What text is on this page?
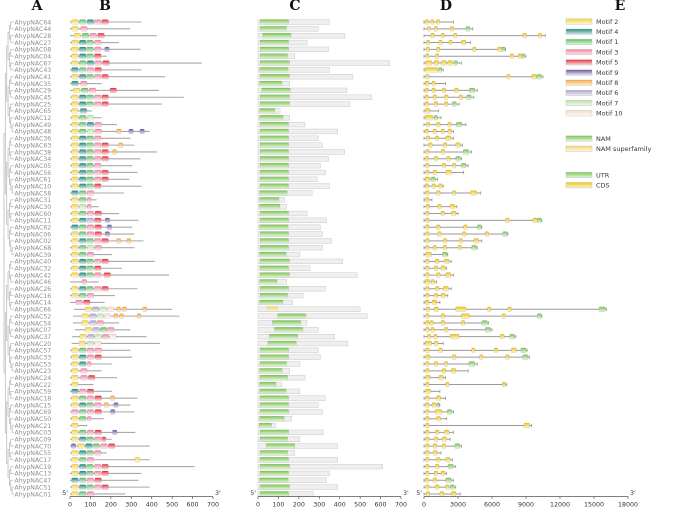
A	B	C	D	E
AhypNAC64
AhypNAC44
AhypNAC28
AhypNAC27
AhypNAC08
AhypNAC04
AhypNAC67
AhypNAC43
AhypNAC41
AhypNAC35
AhypNAC29
AhypNAC45
AhypNAC25
AhypNAC65
AhypNAC12
AhypNAC49
AhypNAC48
AhypNAC36
AhypNAC63
AhypNAC38
AhypNAC34
AhypNAC05
AhypNAC56
AhypNAC61
AhypNAC10
AhypNAC58
AhypNAC31
AhypNAC30
AhypNAC60
AhypNAC11
AhypNAC62
AhypNAC06
AhypNAC02
AhypNAC68
AhypNAC39
AhypNAC40
AhypNAC32
AhypNAC42
AhypNAC46
AhypNAC26
AhypNAC16
AhypNAC14
AhypNAC66
AhypNAC52
AhypNAC54
AhypNAC07
AhypNAC37
AhypNAC20
AhypNAC57
AhypNAC33
AhypNAC53
AhypNAC23
AhypNAC24
AhypNAC22
AhypNAC59
AhypNAC18
AhypNAC15
AhypNAC69
AhypNAC50
AhypNAC21
AhypNAC03
AhypNAC09
AhypNAC70
AhypNAC55
AhypNAC17
AhypNAC19
AhypNAC13
AhypNAC47
AhypNAC51
AhypNAC01
0 100 200 300 400 500 600 700
5'	3'
0 100 200 300 400 500 600 700
5'	3'
0	3000	6000	9000	12000 15000 18000
5'	3'
Motif 2
Motif 4
Motif 1
Motif 3
Motif 5
Motif 9
Motif 8
Motif 6
Motif 7
Motif 10
NAM
NAM superfamily
UTR
CDS
